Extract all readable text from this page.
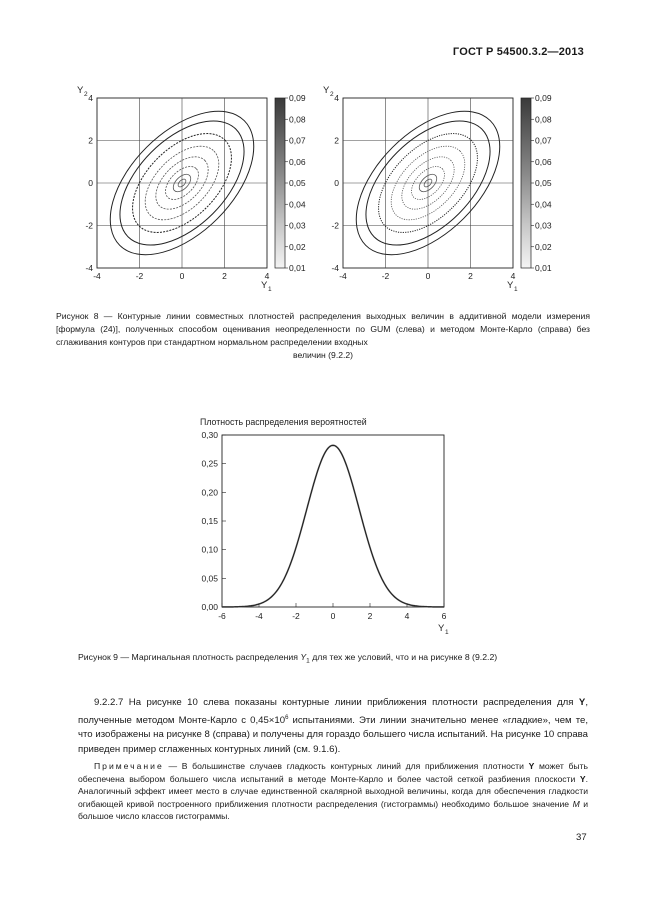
ГОСТ Р 54500.3.2—2013
-4	-2	0	2	4
4
2
0
-2
-4
Y 2
Y 1
0,09
0,08
0,07
0,06
0,05
0,04
0,03
0,02
0,01
-4	-2	0	2	4
4
2
0
-2
-4
Y 2
Y 1
0,09
0,08
0,07
0,06
0,05
0,04
0,03
0,02
0,01
Рисунок 8 — Контурные линии совместных плотностей распределения выходных величин в аддитивной модели измерения [формула (24)], полученных способом оценивания неопределенности по GUM (слева) и методом Монте-Карло (справа) без сглаживания контуров при стандартном нормальном распределении входных
величин (9.2.2)
Плотность распределения вероятностей
0,30
0,25
0,20
0,15
0,10
0,05
0,00
-6	-4	-2	0	2	4	6
Y 1
Рисунок 9 — Маргинальная плотность распределения $Y_1$ для тех же условий, что и на рисунке 8 (9.2.2)
9.2.2.7 На рисунке 10 слева показаны контурные линии приближения плотности распределения для Y, полученные методом Монте-Карло с $0,45\times 10^6$ испытаниями. Эти линии значительно менее «гладкие», чем те, что изображены на рисунке 8 (справа) и получены для гораздо большего числа испытаний. На рисунке 10 справа приведен пример сглаженных контурных линий (см. 9.1.6).
Примечание — В большинстве случаев гладкость контурных линий для приближения плотности Y может быть обеспечена выбором большего числа испытаний в методе Монте-Карло и более частой сеткой разбиения плоскости Y. Аналогичный эффект имеет место в случае единственной скалярной выходной величины, когда для обеспечения гладкости огибающей кривой построенного приближения плотности распределения (гистограммы) необходимо большое значение M и большое число классов гистограммы.
37
